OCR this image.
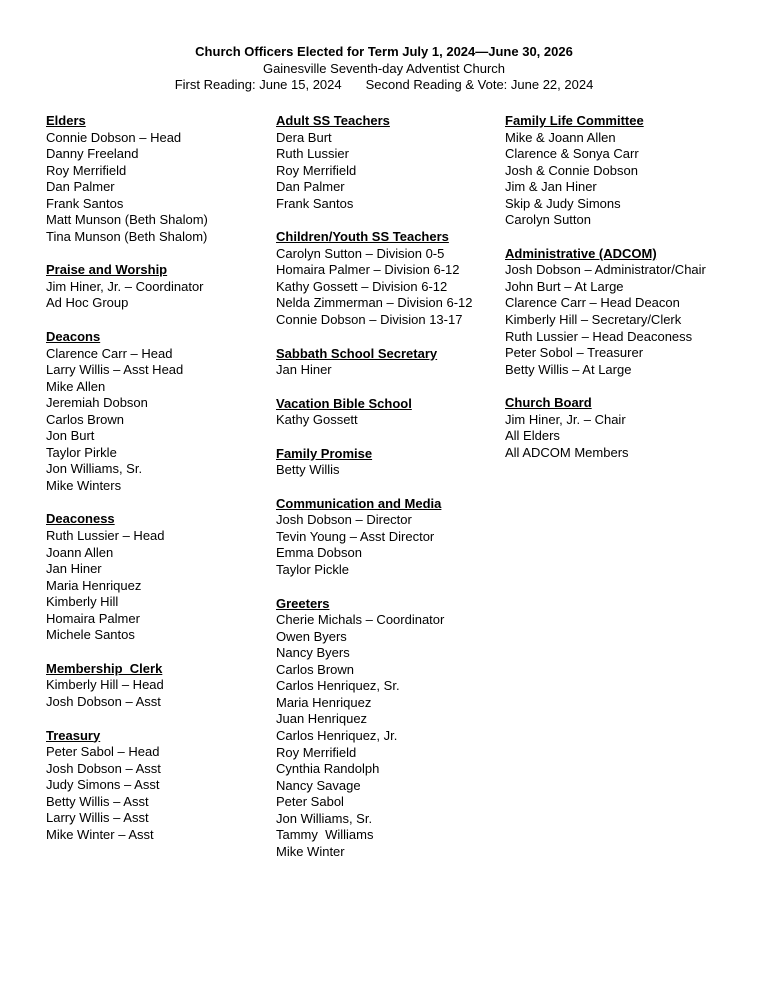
Church Officers Elected for Term July 1, 2024—June 30, 2026
Gainesville Seventh-day Adventist Church
First Reading: June 15, 2024 Second Reading & Vote: June 22, 2024
Elders
Connie Dobson – Head
Danny Freeland
Roy Merrifield
Dan Palmer
Frank Santos
Matt Munson (Beth Shalom)
Tina Munson (Beth Shalom)
Praise and Worship
Jim Hiner, Jr. – Coordinator
Ad Hoc Group
Deacons
Clarence Carr – Head
Larry Willis – Asst Head
Mike Allen
Jeremiah Dobson
Carlos Brown
Jon Burt
Taylor Pirkle
Jon Williams, Sr.
Mike Winters
Deaconess
Ruth Lussier – Head
Joann Allen
Jan Hiner
Maria Henriquez
Kimberly Hill
Homaira Palmer
Michele Santos
Membership  Clerk
Kimberly Hill – Head
Josh Dobson – Asst
Treasury
Peter Sabol – Head
Josh Dobson – Asst
Judy Simons – Asst
Betty Willis – Asst
Larry Willis – Asst
Mike Winter – Asst
Adult SS Teachers
Dera Burt
Ruth Lussier
Roy Merrifield
Dan Palmer
Frank Santos
Children/Youth SS Teachers
Carolyn Sutton – Division 0-5
Homaira Palmer – Division 6-12
Kathy Gossett – Division 6-12
Nelda Zimmerman – Division 6-12
Connie Dobson – Division 13-17
Sabbath School Secretary
Jan Hiner
Vacation Bible School
Kathy Gossett
Family Promise
Betty Willis
Communication and Media
Josh Dobson – Director
Tevin Young – Asst Director
Emma Dobson
Taylor Pickle
Greeters
Cherie Michals – Coordinator
Owen Byers
Nancy Byers
Carlos Brown
Carlos Henriquez, Sr.
Maria Henriquez
Juan Henriquez
Carlos Henriquez, Jr.
Roy Merrifield
Cynthia Randolph
Nancy Savage
Peter Sabol
Jon Williams, Sr.
Tammy  Williams
Mike Winter
Family Life Committee
Mike & Joann Allen
Clarence & Sonya Carr
Josh & Connie Dobson
Jim & Jan Hiner
Skip & Judy Simons
Carolyn Sutton
Administrative (ADCOM)
Josh Dobson – Administrator/Chair
John Burt – At Large
Clarence Carr – Head Deacon
Kimberly Hill – Secretary/Clerk
Ruth Lussier – Head Deaconess
Peter Sobol – Treasurer
Betty Willis – At Large
Church Board
Jim Hiner, Jr. – Chair
All Elders
All ADCOM Members
